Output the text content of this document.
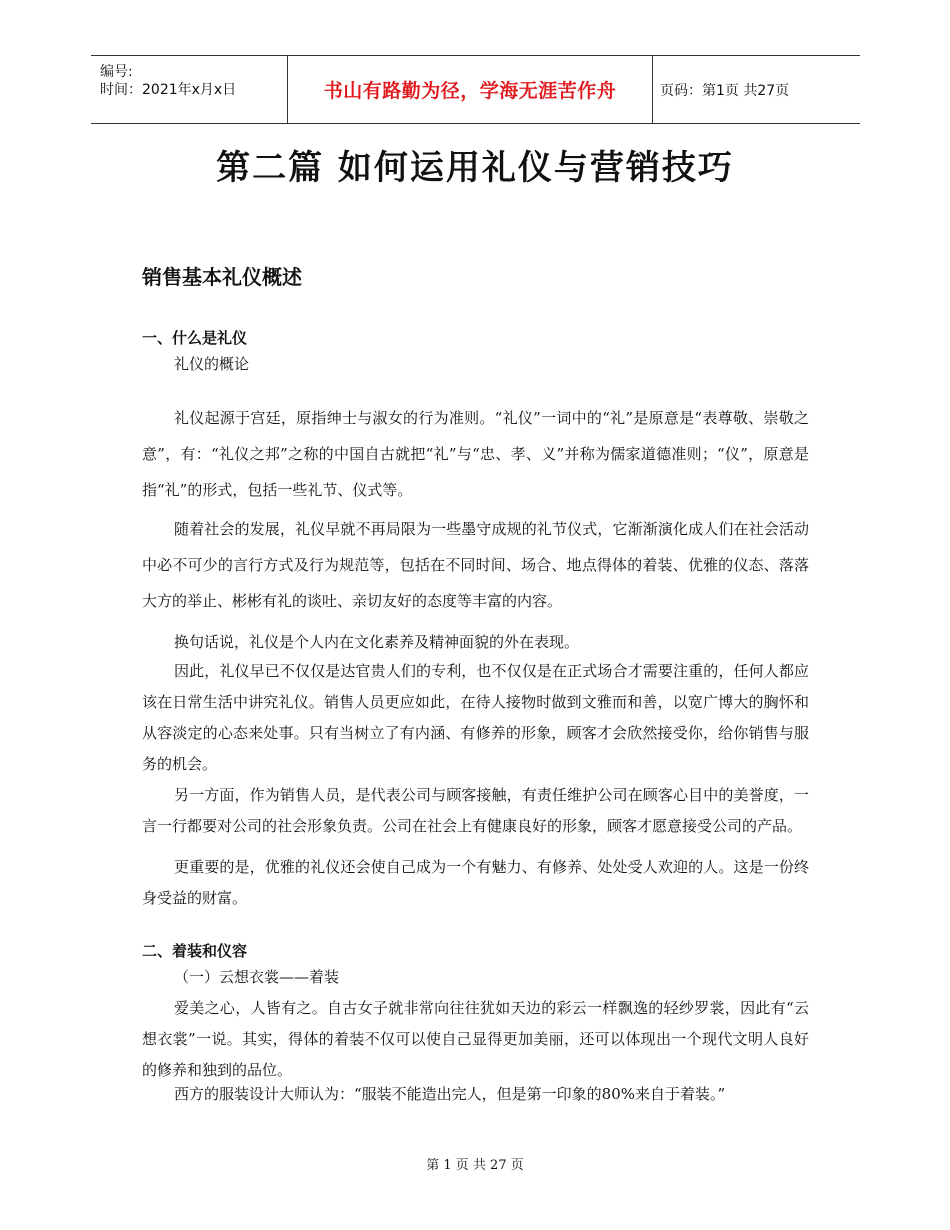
编号:
时间：2021年x月x日	书山有路勤为径，学海无涯苦作舟	页码：第1页 共27页
第二篇 如何运用礼仪与营销技巧
销售基本礼仪概述
一、什么是礼仪
礼仪的概论

礼仪起源于宫廷，原指绅士与淑女的行为准则。“礼仪”一词中的“礼”是原意是“表尊敬、崇敬之意”，有：“礼仪之邦”之称的中国自古就把“礼”与“忠、孝、义”并称为儒家道德准则；“仪”，原意是指“礼”的形式，包括一些礼节、仪式等。

随着社会的发展，礼仪早就不再局限为一些墨守成规的礼节仪式，它渐渐演化成人们在社会活动中必不可少的言行方式及行为规范等，包括在不同时间、场合、地点得体的着装、优雅的仪态、落落大方的举止、彬彬有礼的谈吐、亲切友好的态度等丰富的内容。

换句话说，礼仪是个人内在文化素养及精神面貌的外在表现。

因此，礼仪早已不仅仅是达官贵人们的专利，也不仅仅是在正式场合才需要注重的，任何人都应该在日常生活中讲究礼仪。销售人员更应如此，在待人接物时做到文雅而和善，以宽广博大的胸怀和从容淡定的心态来处事。只有当树立了有内涵、有修养的形象，顾客才会欣然接受你，给你销售与服务的机会。

另一方面，作为销售人员，是代表公司与顾客接触，有责任维护公司在顾客心目中的美誉度，一言一行都要对公司的社会形象负责。公司在社会上有健康良好的形象，顾客才愿意接受公司的产品。

更重要的是，优雅的礼仪还会使自己成为一个有魅力、有修养、处处受人欢迎的人。这是一份终身受益的财富。

二、着装和仪容
（一）云想衣裳——着装

爱美之心，人皆有之。自古女子就非常向往往犹如天边的彩云一样飘逸的轻纱罗裳，因此有“云想衣裳”一说。其实，得体的着装不仅可以使自己显得更加美丽，还可以体现出一个现代文明人良好的修养和独到的品位。

西方的服装设计大师认为：“服装不能造出完人，但是第一印象的80%来自于着装。”

第 1 页 共 27 页
